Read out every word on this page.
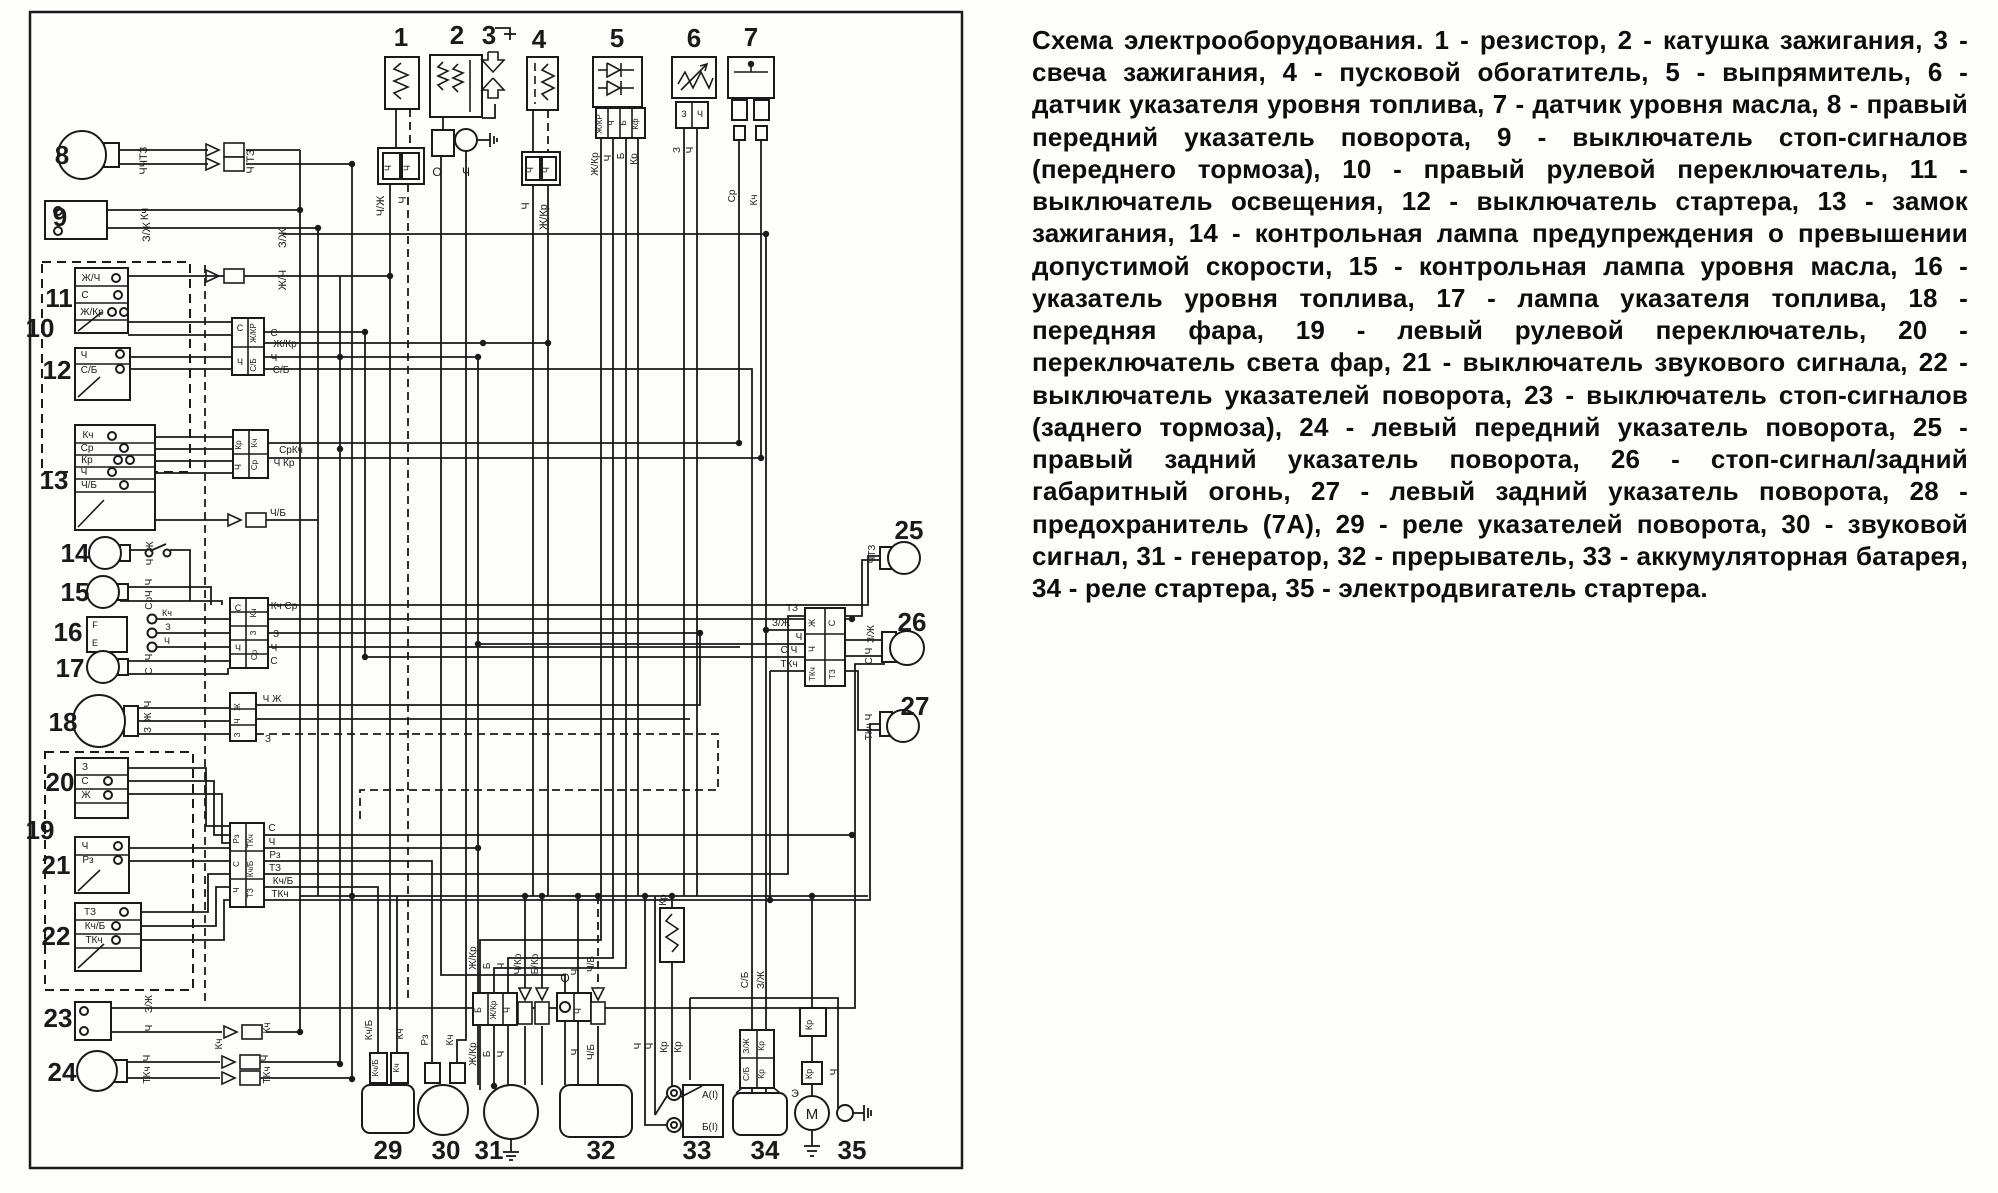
ЧТЗ
Ч
ТЗ
Ч
Кч
З/Ж	З/Ж
Ж/Ч
С
Ж/Кр
Ч
С/Б
СрКч
Ч Кр
Ч/Б
Кч Ср
З
Ч
С
Ж
Ч
Ч
СрЧ
Кч
З
Ч
Ч
С
Ч
Ж
З
Ч Ж
З
С
Ч
Рз
ТЗ
Кч/Б
ТКч
Ч/Ж Ч
О Ч
Ч Ж/Кр
Ж/Кр Ч Б Кр
З Ч
Ср Кч
ТЗ
З/Ж
Ч
С Ч
ТКч
ЧТЗ
З/Ж
С Ч
ТКч Ч
З/Ж
Ч
Кч
Кч
Ч
ТКч
Ч
ТКч
Кч/Б Кч
Кч/Б Кч
Рз Кч
Ж/Кр Б Ч
Б Ж/Кр Ч
Ж/Кр Б Ч
Ч/Кр Б/Кр
О Ч Ч/Б
Ч
Ч Ч/Б	Ч Ч Кр Кр
А(I)
Б(I)
Кр
С/Б З/Ж
З/Ж
С/Б
Кр
Кр
Кр
Кр
Э
Ч
М
F
Е
Ч Ч	Ч Ч
Ж/КР Ч Б Кф
З Ч
С Ж/КР
Ч С/Б
Кр Кч
Ч Ср
С
Ч
Кч
З
Ср
Ж
Ч
З
Рз
С
Ч
ТКч
Кч/Б
ТЗ
Ж С
Ч
ТКч ТЗ
Ж/Ч
С
Ж/Кр
Ч
С/Б
Кч
Ср
Кр
Ч
Ч/Б
З
С
Ж
Ч
Рз
ТЗ
Кч/Б
ТКч
1 2 3 4 5 6 7
8
9
10
11
12
13
14
15
16
17
18
19
20
21
22
23
24
25
26
27
29 30 31	32	33 34 35
Схема электрооборудования. 1 - резистор, 2 - катушка зажигания, 3 - свеча зажигания, 4 - пусковой обогатитель, 5 - выпрямитель, 6 - датчик указателя уровня топлива, 7 - датчик уровня масла, 8 - правый передний указатель поворота, 9 - выключатель стоп-сигналов (переднего тормоза), 10 - правый рулевой переключатель, 11 - выключатель освещения, 12 - выключатель стартера, 13 - замок зажигания, 14 - контрольная лампа предупреждения о превышении допустимой скорости, 15 - контрольная лампа уровня масла, 16 - указатель уровня топлива, 17 - лампа указателя топлива, 18 - передняя фара, 19 - левый рулевой переключатель, 20 - переключатель света фар, 21 - выключатель звукового сигнала, 22 - выключатель указателей поворота, 23 - выключатель стоп-сигналов (заднего тормоза), 24 - левый передний указатель поворота, 25 - правый задний указатель поворота, 26 - стоп-сигнал/задний габаритный огонь, 27 - левый задний указатель поворота, 28 - предохранитель (7А), 29 - реле указателей поворота, 30 - звуковой сигнал, 31 - генератор, 32 - прерыватель, 33 - аккумуляторная батарея, 34 - реле стартера, 35 - электродвигатель стартера.
